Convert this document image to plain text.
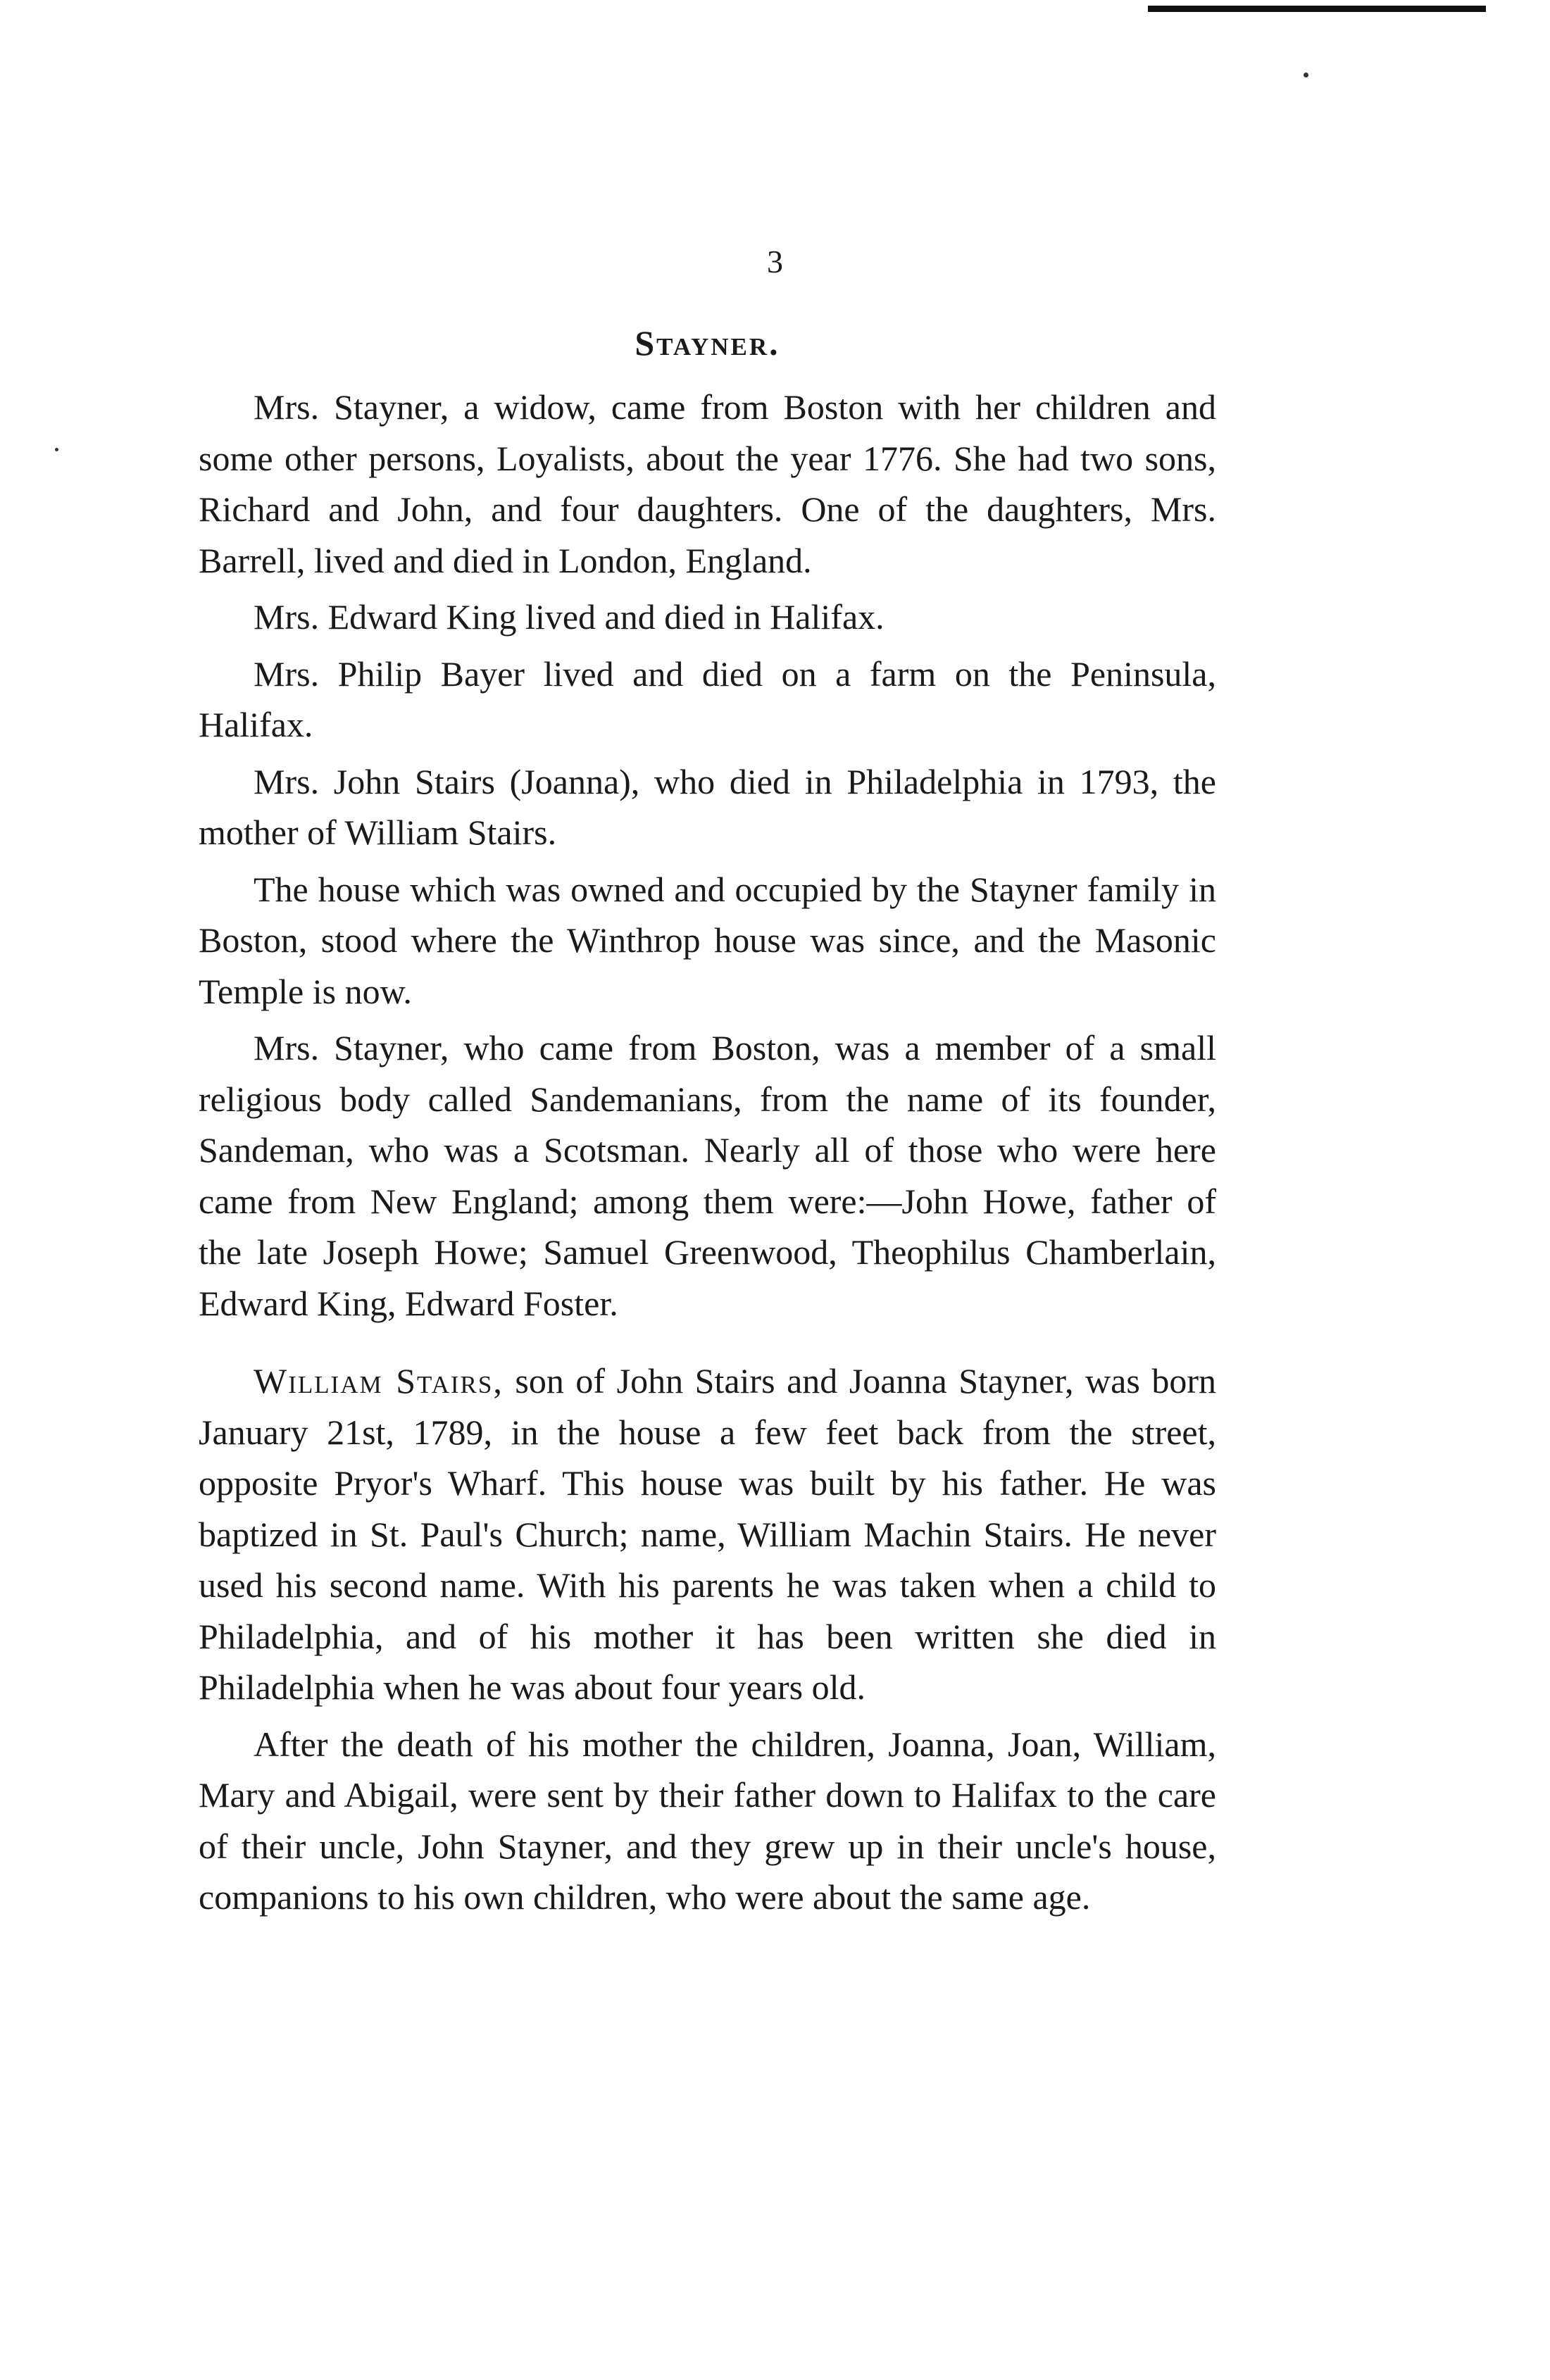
3
Stayner.

Mrs. Stayner, a widow, came from Boston with her children and some other persons, Loyalists, about the year 1776. She had two sons, Richard and John, and four daughters. One of the daughters, Mrs. Barrell, lived and died in London, England.

Mrs. Edward King lived and died in Halifax.

Mrs. Philip Bayer lived and died on a farm on the Peninsula, Halifax.

Mrs. John Stairs (Joanna), who died in Philadelphia in 1793, the mother of William Stairs.

The house which was owned and occupied by the Stayner family in Boston, stood where the Winthrop house was since, and the Masonic Temple is now.

Mrs. Stayner, who came from Boston, was a member of a small religious body called Sandemanians, from the name of its founder, Sandeman, who was a Scotsman. Nearly all of those who were here came from New England; among them were:—John Howe, father of the late Joseph Howe; Samuel Greenwood, Theophilus Chamberlain, Edward King, Edward Foster.

William Stairs, son of John Stairs and Joanna Stayner, was born January 21st, 1789, in the house a few feet back from the street, opposite Pryor's Wharf. This house was built by his father. He was baptized in St. Paul's Church; name, William Machin Stairs. He never used his second name. With his parents he was taken when a child to Philadelphia, and of his mother it has been written she died in Philadelphia when he was about four years old.

After the death of his mother the children, Joanna, Joan, William, Mary and Abigail, were sent by their father down to Halifax to the care of their uncle, John Stayner, and they grew up in their uncle's house, companions to his own children, who were about the same age.
